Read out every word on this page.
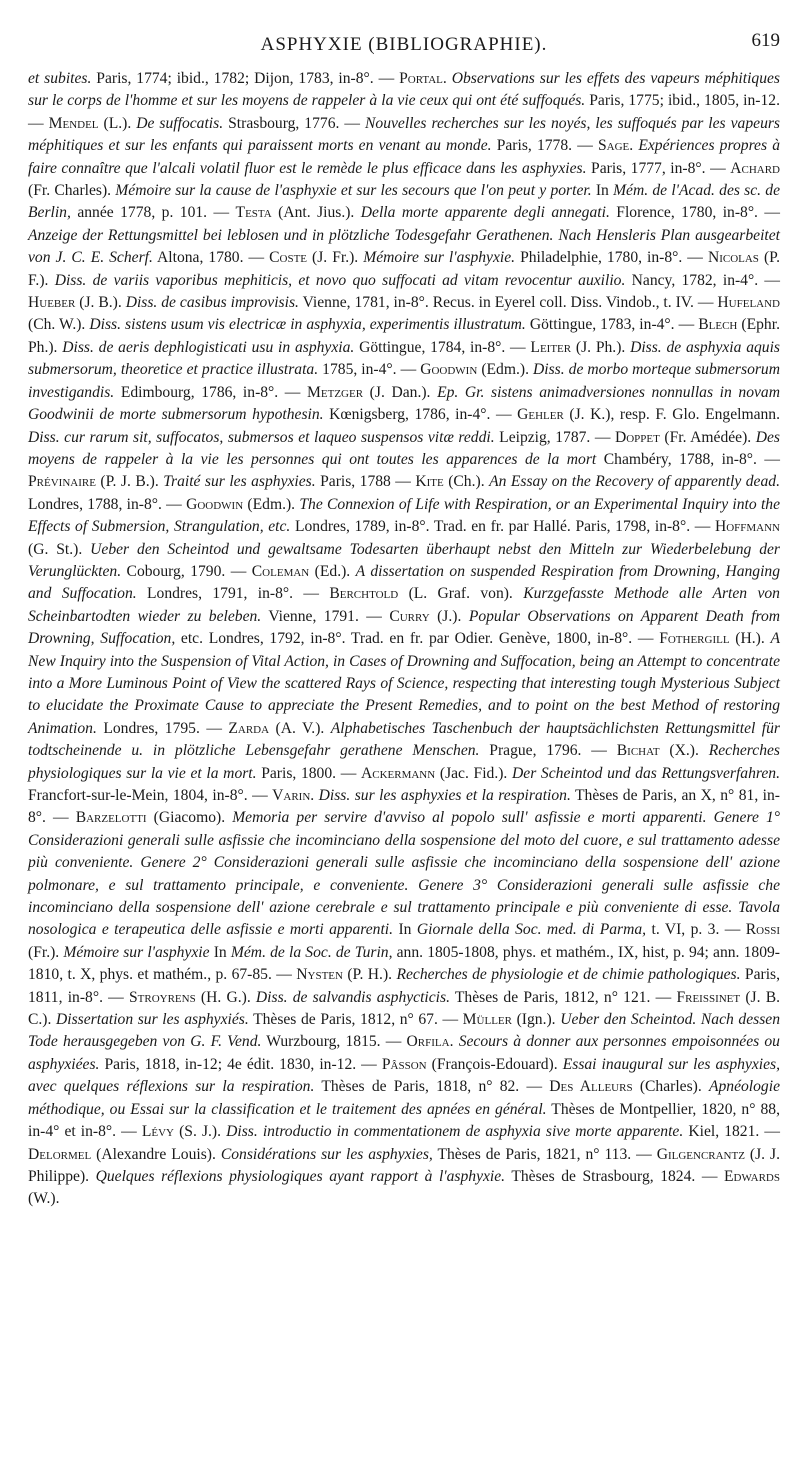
ASPHYXIE (BIBLIOGRAPHIE).	619

et subites. Paris, 1774; ibid., 1782; Dijon, 1783, in-8°. — Portal. Observations sur les effets des vapeurs méphitiques sur le corps de l'homme et sur les moyens de rappeler à la vie ceux qui ont été suffoqués. Paris, 1775; ibid., 1805, in-12. — Mendel (L.). De suffocatis. Strasbourg, 1776. — Nouvelles recherches sur les noyés, les suffoqués par les vapeurs méphitiques et sur les enfants qui paraissent morts en venant au monde. Paris, 1778. — Sage. Expériences propres à faire connaître que l'alcali volatil fluor est le remède le plus efficace dans les asphyxies. Paris, 1777, in-8°. — Achard (Fr. Charles). Mémoire sur la cause de l'asphyxie et sur les secours que l'on peut y porter. In Mém. de l'Acad. des sc. de Berlin, année 1778, p. 101. — Testa (Ant. Jius.). Della morte apparente degli annegati. Florence, 1780, in-8°. — Anzeige der Rettungsmittel bei leblosen und in plötzliche Todesgefahr Gerathenen. Nach Hensleris Plan ausgearbeitet von J. C. E. Scherf. Altona, 1780. — Coste (J. Fr.). Mémoire sur l'asphyxie. Philadelphie, 1780, in-8°. — Nicolas (P. F.). Diss. de variis vaporibus mephiticis, et novo quo suffocati ad vitam revocentur auxilio. Nancy, 1782, in-4°. — Hueber (J. B.). Diss. de casibus improvisis. Vienne, 1781, in-8°. Recus. in Eyerel coll. Diss. Vindob., t. IV. — Hufeland (Ch. W.). Diss. sistens usum vis electricæ in asphyxia, experimentis illustratum. Göttingue, 1783, in-4°. — Blech (Ephr. Ph.). Diss. de aeris dephlogisticati usu in asphyxia. Göttingue, 1784, in-8°. — Leiter (J. Ph.). Diss. de asphyxia aquis submersorum, theoretice et practice illustrata. 1785, in-4°. — Goodwin (Edm.). Diss. de morbo morteque submersorum investigandis. Edimbourg, 1786, in-8°. — Metzger (J. Dan.). Ep. Gr. sistens animadversiones nonnullas in novam Goodwinii de morte submersorum hypothesin. Kœnigsberg, 1786, in-4°. — Gehler (J. K.), resp. F. Glo. Engelmann. Diss. cur rarum sit, suffocatos, submersos et laqueo suspensos vitæ reddi. Leipzig, 1787. — Doppet (Fr. Amédée). Des moyens de rappeler à la vie les personnes qui ont toutes les apparences de la mort Chambéry, 1788, in-8°. — Prévinaire (P. J. B.). Traité sur les asphyxies. Paris, 1788 — Kite (Ch.). An Essay on the Recovery of apparently dead. Londres, 1788, in-8°. — Goodwin (Edm.). The Connexion of Life with Respiration, or an Experimental Inquiry into the Effects of Submersion, Strangulation, etc. Londres, 1789, in-8°. Trad. en fr. par Hallé. Paris, 1798, in-8°. — Hoffmann (G. St.). Ueber den Scheintod und gewaltsame Todesarten überhaupt nebst den Mitteln zur Wiederbelebung der Verunglückten. Cobourg, 1790. — Coleman (Ed.). A dissertation on suspended Respiration from Drowning, Hanging and Suffocation. Londres, 1791, in-8°. — Berchtold (L. Graf. von). Kurzgefasste Methode alle Arten von Scheinbartodten wieder zu beleben. Vienne, 1791. — Curry (J.). Popular Observations on Apparent Death from Drowning, Suffocation, etc. Londres, 1792, in-8°. Trad. en fr. par Odier. Genève, 1800, in-8°. — Fothergill (H.). A New Inquiry into the Suspension of Vital Action, in Cases of Drowning and Suffocation, being an Attempt to concentrate into a More Luminous Point of View the scattered Rays of Science, respecting that interesting tough Mysterious Subject to elucidate the Proximate Cause to appreciate the Present Remedies, and to point on the best Method of restoring Animation. Londres, 1795. — Zarda (A. V.). Alphabetisches Taschenbuch der hauptsächlichsten Rettungsmittel für todtscheinende u. in plötzliche Lebensgefahr gerathene Menschen. Prague, 1796. — Bichat (X.). Recherches physiologiques sur la vie et la mort. Paris, 1800. — Ackermann (Jac. Fid.). Der Scheintod und das Rettungsverfahren. Francfort-sur-le-Mein, 1804, in-8°. — Varin. Diss. sur les asphyxies et la respiration. Thèses de Paris, an X, n° 81, in-8°. — Barzelotti (Giacomo). Memoria per servire d'avviso al popolo sull' asfissie e morti apparenti. Genere 1° Considerazioni generali sulle asfissie che incominciano della sospensione del moto del cuore, e sul trattamento adesse più conveniente. Genere 2° Considerazioni generali sulle asfissie che incominciano della sospensione dell' azione polmonare, e sul trattamento principale, e conveniente. Genere 3° Considerazioni generali sulle asfissie che incominciano della sospensione dell' azione cerebrale e sul trattamento principale e più conveniente di esse. Tavola nosologica e terapeutica delle asfissie e morti apparenti. In Giornale della Soc. med. di Parma, t. VI, p. 3. — Rossi (Fr.). Mémoire sur l'asphyxie In Mém. de la Soc. de Turin, ann. 1805-1808, phys. et mathém., IX, hist, p. 94; ann. 1809-1810, t. X, phys. et mathém., p. 67-85. — Nysten (P. H.). Recherches de physiologie et de chimie pathologiques. Paris, 1811, in-8°. — Stroyrens (H. G.). Diss. de salvandis asphycticis. Thèses de Paris, 1812, n° 121. — Freissinet (J. B. C.). Dissertation sur les asphyxiés. Thèses de Paris, 1812, n° 67. — Müller (Ign.). Ueber den Scheintod. Nach dessen Tode herausgegeben von G. F. Vend. Wurzbourg, 1815. — Orfila. Secours à donner aux personnes empoisonnées ou asphyxiées. Paris, 1818, in-12; 4e édit. 1830, in-12. — Pâsson (François-Edouard). Essai inaugural sur les asphyxies, avec quelques réflexions sur la respiration. Thèses de Paris, 1818, n° 82. — Des Alleurs (Charles). Apnéologie méthodique, ou Essai sur la classification et le traitement des apnées en général. Thèses de Montpellier, 1820, n° 88, in-4° et in-8°. — Lévy (S. J.). Diss. introductio in commentationem de asphyxia sive morte apparente. Kiel, 1821. — Delormel (Alexandre Louis). Considérations sur les asphyxies, Thèses de Paris, 1821, n° 113. — Gilgencrantz (J. J. Philippe). Quelques réflexions physiologiques ayant rapport à l'asphyxie. Thèses de Strasbourg, 1824. — Edwards (W.).
